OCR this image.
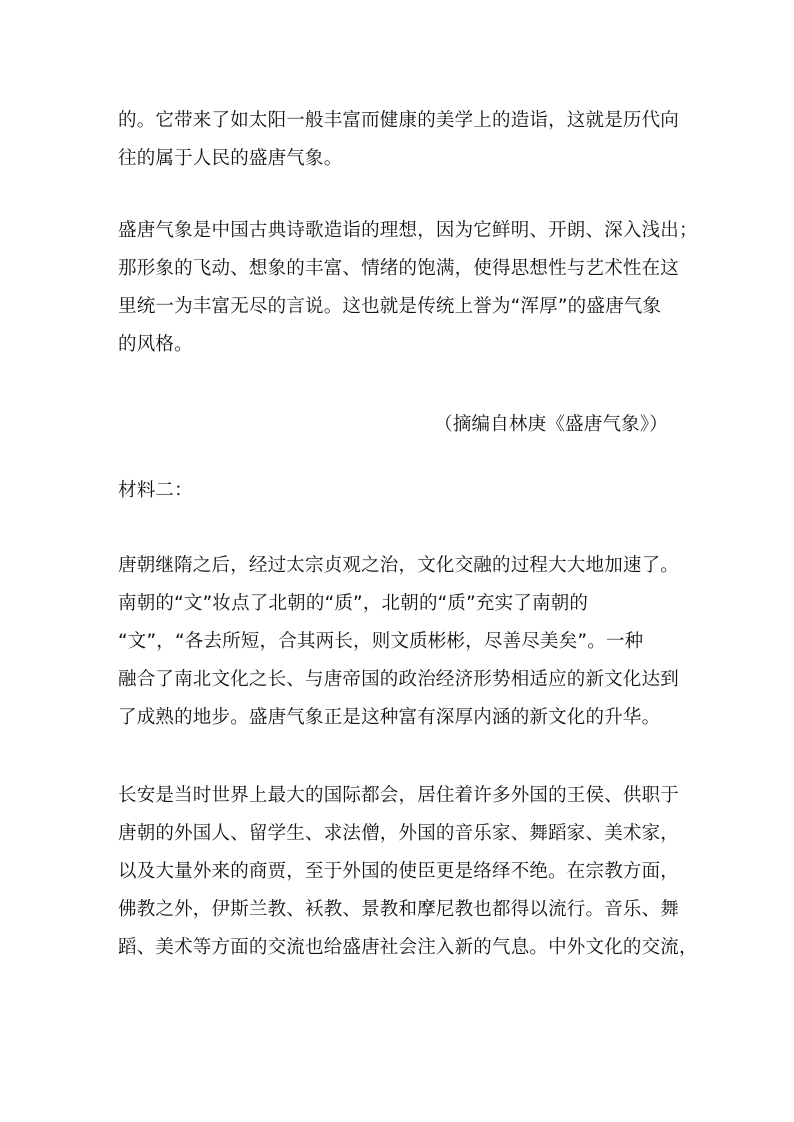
的。它带来了如太阳一般丰富而健康的美学上的造诣，这就是历代向
往的属于人民的盛唐气象。
盛唐气象是中国古典诗歌造诣的理想，因为它鲜明、开朗、深入浅出；
那形象的飞动、想象的丰富、情绪的饱满，使得思想性与艺术性在这
里统一为丰富无尽的言说。这也就是传统上誉为“浑厚”的盛唐气象
的风格。
（摘编自林庚《盛唐气象》）
材料二：
唐朝继隋之后，经过太宗贞观之治，文化交融的过程大大地加速了。
南朝的“文”妆点了北朝的“质”，北朝的“质”充实了南朝的
“文”，“各去所短，合其两长，则文质彬彬，尽善尽美矣”。一种
融合了南北文化之长、与唐帝国的政治经济形势相适应的新文化达到
了成熟的地步。盛唐气象正是这种富有深厚内涵的新文化的升华。
长安是当时世界上最大的国际都会，居住着许多外国的王侯、供职于
唐朝的外国人、留学生、求法僧，外国的音乐家、舞蹈家、美术家，
以及大量外来的商贾，至于外国的使臣更是络绎不绝。在宗教方面，
佛教之外，伊斯兰教、袄教、景教和摩尼教也都得以流行。音乐、舞
蹈、美术等方面的交流也给盛唐社会注入新的气息。中外文化的交流，
